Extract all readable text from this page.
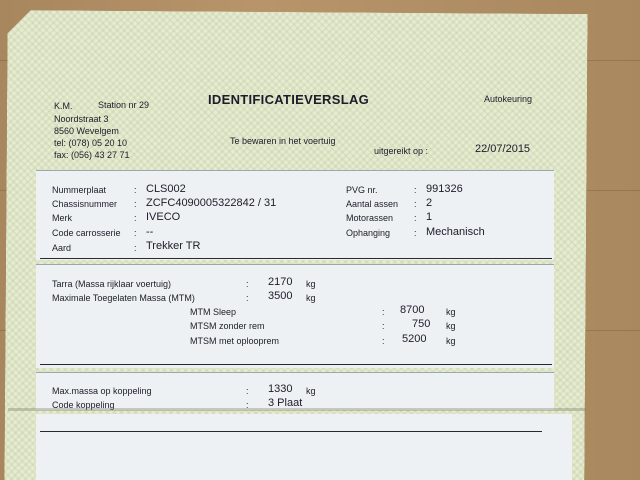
K.M.	Station nr 29
Noordstraat 3
8560 Wevelgem
tel: (078) 05 20 10
fax: (056) 43 27 71
IDENTIFICATIEVERSLAG
Te bewaren in het voertuig
Autokeuring
uitgereikt op :	22/07/2015
Nummerplaat	: CLS002
Chassisnummer : ZCFC4090005322842 / 31
Merk	: IVECO
Code carrosserie : --
Aard	: Trekker TR
PVG nr.	: 991326
Aantal assen : 2
Motorassen : 1
Ophanging	: Mechanisch
Tarra (Massa rijklaar voertuig)	: 2170 kg
Maximale Toegelaten Massa (MTM)	: 3500 kg
MTM Sleep	: 8700 kg
MTSM zonder rem	: 750 kg
MTSM met oplooprem	: 5200 kg
Max.massa op koppeling	: 1330 kg
Code koppeling	: 3 Plaat
